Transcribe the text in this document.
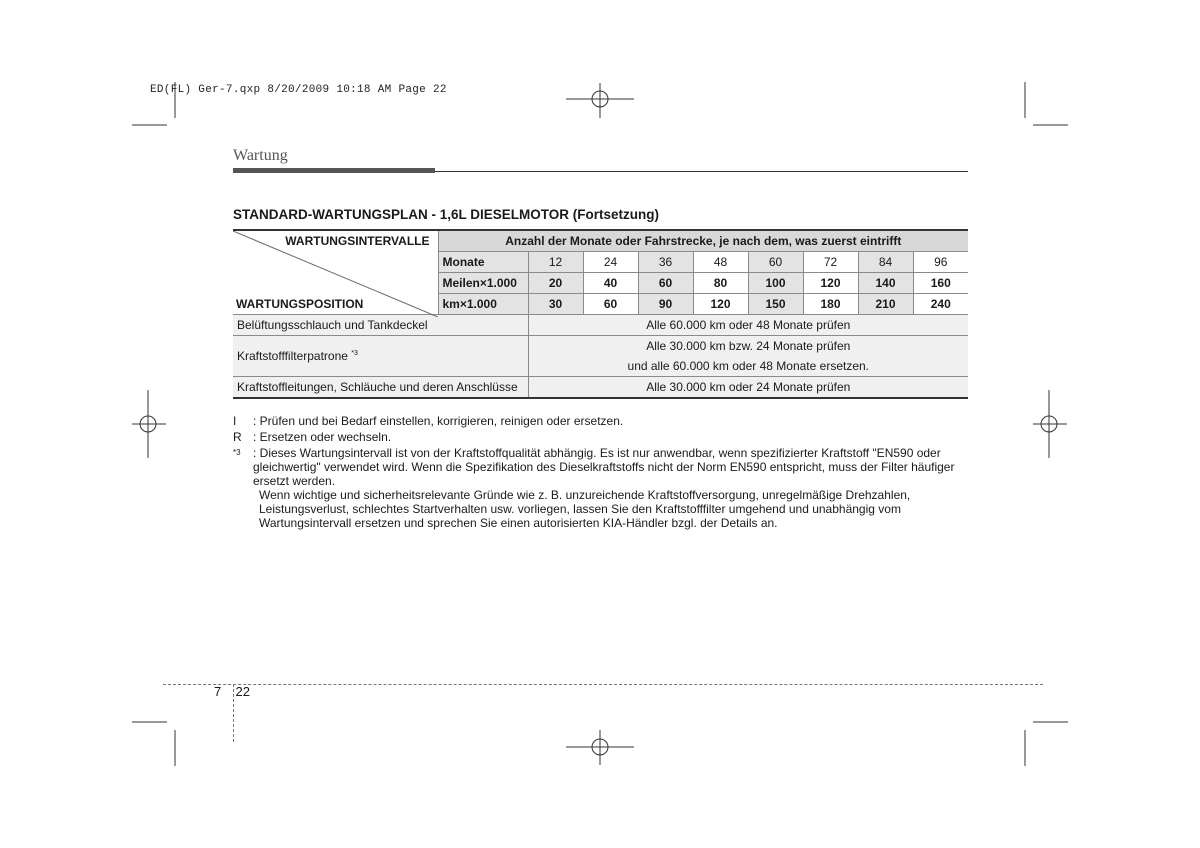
ED(FL) Ger-7.qxp 8/20/2009 10:18 AM Page 22
Wartung
STANDARD-WARTUNGSPLAN - 1,6L DIESELMOTOR (Fortsetzung)
WARTUNGSINTERVALLE
WARTUNGSPOSITION	Anzahl der Monate oder Fahrstrecke, je nach dem, was zuerst eintrifft								
	Monate	12	24	36	48	60	72	84	96
	Meilen×1.000	20	40	60	80	100	120	140	160
	km×1.000	30	60	90	120	150	180	210	240
Belüftungsschlauch und Tankdeckel		Alle 60.000 km oder 48 Monate prüfen							
Kraftstofffilterpatrone $^{*3}$		Alle 30.000 km bzw. 24 Monate prüfen
und alle 60.000 km oder 48 Monate ersetzen.							

Kraftstoffleitungen, Schläuche und deren Anschlüsse		Alle 30.000 km oder 24 Monate prüfen							
I	: Prüfen und bei Bedarf einstellen, korrigieren, reinigen oder ersetzen.
R : Ersetzen oder wechseln.
*3	: Dieses Wartungsintervall ist von der Kraftstoffqualität abhängig. Es ist nur anwendbar, wenn spezifizierter Kraftstoff "EN590 oder gleichwertig" verwendet wird. Wenn die Spezifikation des Dieselkraftstoffs nicht der Norm EN590 entspricht, muss der Filter häufiger ersetzt werden.
Wenn wichtige und sicherheitsrelevante Gründe wie z. B. unzureichende Kraftstoffversorgung, unregelmäßige Drehzahlen, Leistungsverlust, schlechtes Startverhalten usw. vorliegen, lassen Sie den Kraftstofffilter umgehend und unabhängig vom Wartungsintervall ersetzen und sprechen Sie einen autorisierten KIA-Händler bzgl. der Details an.
7 22
